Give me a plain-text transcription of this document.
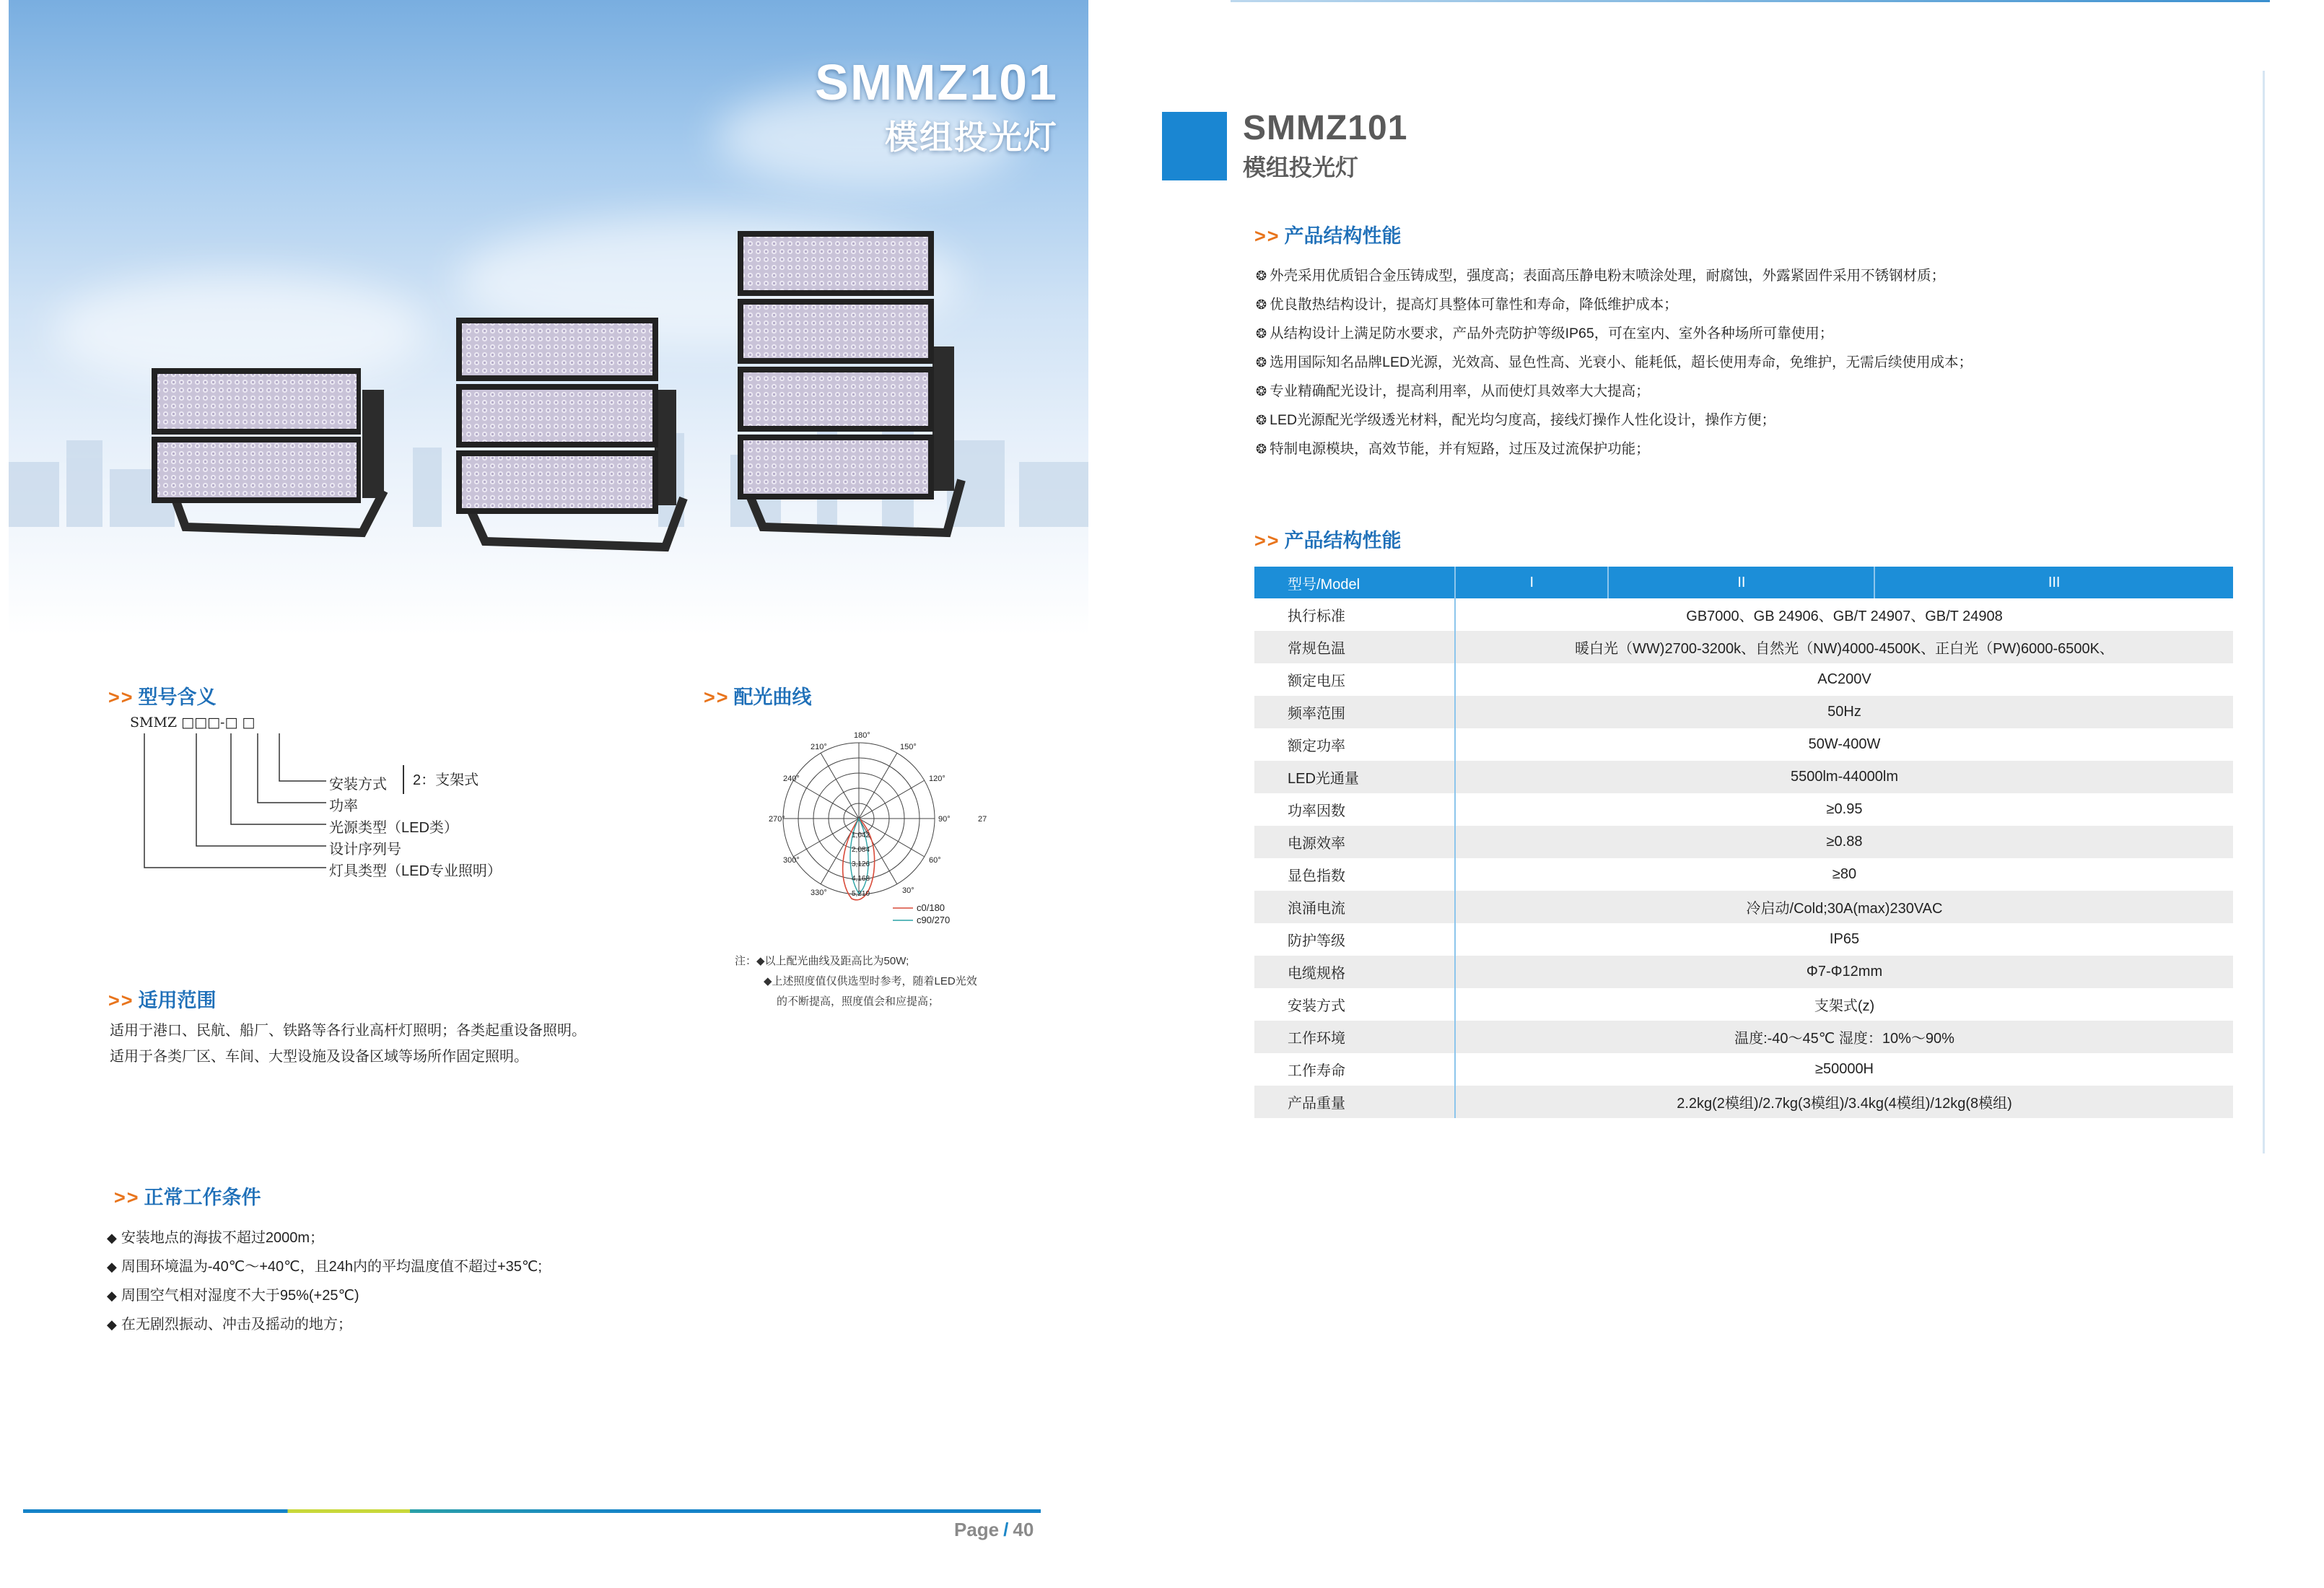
SMMZ101
模组投光灯
>> 型号含义
SMMZ □□□-□ □
安装方式 2：支架式
功率
光源类型（LED类）
设计序列号
灯具类型（LED专业照明）
>> 配光曲线
180°
210°	150°
240°	120°
270°	90°	27
300°	60°
330°	30°
1,042
2,084
3,126
4,168
5,210
c0/180
c90/270
注：◆以上配光曲线及距高比为50W;
◆上述照度值仅供选型时参考，随着LED光效
的不断提高，照度值会和应提高；
>> 适用范围
适用于港口、民航、船厂、铁路等各行业高杆灯照明；各类起重设备照明。
适用于各类厂区、车间、大型设施及设备区域等场所作固定照明。
>> 正常工作条件
◆ 安装地点的海拔不超过2000m；
◆ 周围环境温为-40℃～+40℃，且24h内的平均温度值不超过+35℃;
◆ 周围空气相对湿度不大于95%(+25℃)
◆ 在无剧烈振动、冲击及摇动的地方；
Page / 40
SMMZ101
模组投光灯
>> 产品结构性能
❂ 外壳采用优质铝合金压铸成型，强度高；表面高压静电粉末喷涂处理，耐腐蚀，外露紧固件采用不锈钢材质；
❂ 优良散热结构设计，提高灯具整体可靠性和寿命，降低维护成本；
❂ 从结构设计上满足防水要求，产品外壳防护等级IP65，可在室内、室外各种场所可靠使用；
❂ 选用国际知名品牌LED光源，光效高、显色性高、光衰小、能耗低，超长使用寿命，免维护，无需后续使用成本；
❂ 专业精确配光设计，提高利用率，从而使灯具效率大大提高；
❂ LED光源配光学级透光材料，配光均匀度高，接线灯操作人性化设计，操作方便；
❂ 特制电源模块，高效节能，并有短路，过压及过流保护功能；
>> 产品结构性能
型号/Model	I	II	III
执行标准	GB7000、GB 24906、GB/T 24907、GB/T 24908		
常规色温	暖白光（WW)2700-3200k、自然光（NW)4000-4500K、正白光（PW)6000-6500K、		
额定电压	AC200V		
频率范围	50Hz		
额定功率	50W-400W		
LED光通量	5500lm-44000lm		
功率因数	≥0.95		
电源效率	≥0.88		
显色指数	≥80		
浪涌电流	冷启动/Cold;30A(max)230VAC		
防护等级	IP65		
电缆规格	Φ7-Φ12mm		
安装方式	支架式(z)		
工作环境	温度:-40～45℃ 湿度：10%～90%		
工作寿命	≥50000H		
产品重量	2.2kg(2模组)/2.7kg(3模组)/3.4kg(4模组)/12kg(8模组)		
